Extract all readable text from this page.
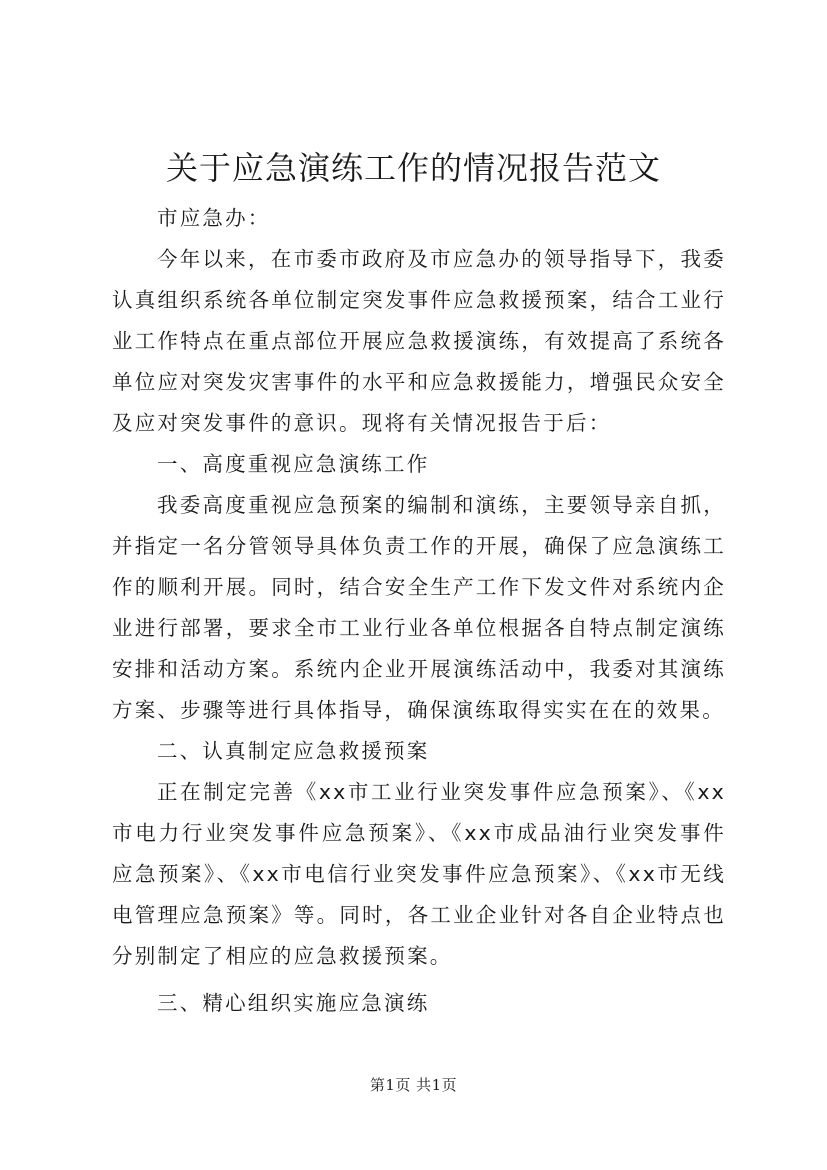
关于应急演练工作的情况报告范文

市应急办：

今年以来，在市委市政府及市应急办的领导指导下，我委认真组织系统各单位制定突发事件应急救援预案，结合工业行业工作特点在重点部位开展应急救援演练，有效提高了系统各单位应对突发灾害事件的水平和应急救援能力，增强民众安全及应对突发事件的意识。现将有关情况报告于后：

一、高度重视应急演练工作

我委高度重视应急预案的编制和演练，主要领导亲自抓，并指定一名分管领导具体负责工作的开展，确保了应急演练工作的顺利开展。同时，结合安全生产工作下发文件对系统内企业进行部署，要求全市工业行业各单位根据各自特点制定演练安排和活动方案。系统内企业开展演练活动中，我委对其演练方案、步骤等进行具体指导，确保演练取得实实在在的效果。

二、认真制定应急救援预案

正在制定完善《xx市工业行业突发事件应急预案》、《xx市电力行业突发事件应急预案》、《xx市成品油行业突发事件应急预案》、《xx市电信行业突发事件应急预案》、《xx市无线电管理应急预案》等。同时，各工业企业针对各自企业特点也分别制定了相应的应急救援预案。

三、精心组织实施应急演练

第1页 共1页
